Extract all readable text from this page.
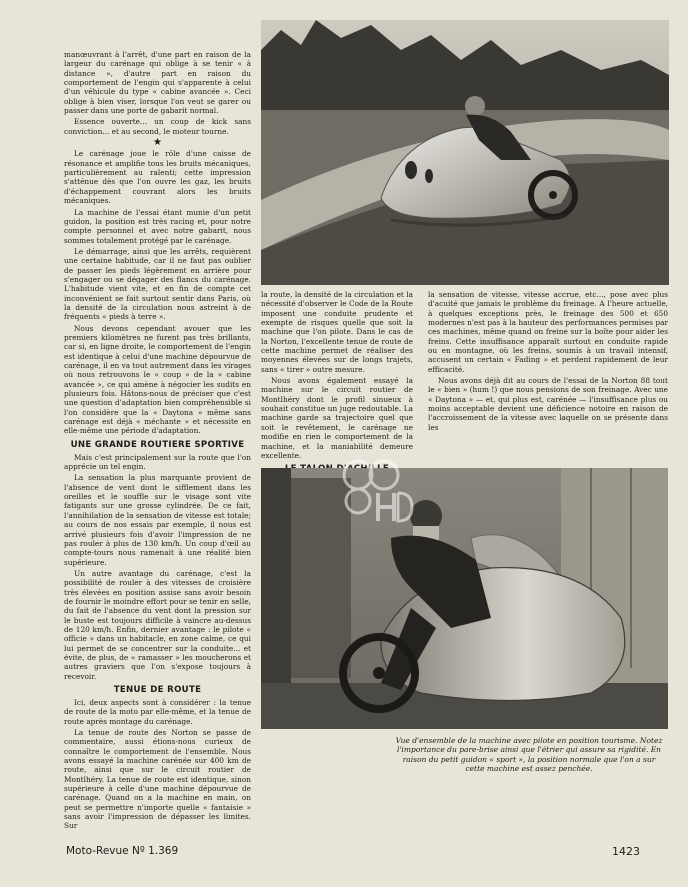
manœuvrant à l'arrêt, d'une part en raison de la largeur du carénage qui oblige à se tenir « à distance », d'autre part en raison du comportement de l'engin qui s'apparente à celui d'un véhicule du type « cabine avancée ». Ceci oblige à bien viser, lorsque l'on veut se garer ou passer dans une porte de gabarit normal.

Essence ouverte... un coup de kick sans conviction... et au second, le moteur tourne.

★

Le carénage joue le rôle d'une caisse de résonance et amplifie tous les bruits mécaniques, particulièrement au ralenti; cette impression s'atténue dès que l'on ouvre les gaz, les bruits d'échappement couvrant alors les bruits mécaniques.

La machine de l'essai étant munie d'un petit guidon, la position est très racing et, pour notre compte personnel et avec notre gabarit, nous sommes totalement protégé par le carénage.

Le démarrage, ainsi que les arrêts, requièrent une certaine habitude, car il ne faut pas oublier de passer les pieds légèrement en arrière pour s'engager ou se dégager des flancs du carénage. L'habitude vient vite, et en fin de compte cet inconvénient se fait surtout sentir dans Paris, où la densité de la circulation nous astreint à de fréquents « pieds à terre ».

Nous devons cependant avouer que les premiers kilomètres ne furent pas très brillants, car si, en ligne droite, le comportement de l'engin est identique à celui d'une machine dépourvue de carénage, il en va tout autrement dans les virages où nous retrouvons le « coup » de la « cabine avancée », ce qui amène à négocier les sudits en plusieurs fois. Hâtons-nous de préciser que c'est une question d'adaptation bien compréhensible si l'on considère que la « Daytona » même sans carénage est déjà « méchante » et nécessite en elle-même une période d'adaptation.

UNE GRANDE ROUTIERE SPORTIVE

Mais c'est principalement sur la route que l'on apprécie un tel engin.

La sensation la plus marquante provient de l'absence de vent dont le sifflement dans les oreilles et le souffle sur le visage sont vite fatigants sur une grosse cylindrée. De ce fait, l'annihilation de la sensation de vitesse est totale; au cours de nos essais par exemple, il nous est arrivé plusieurs fois d'avoir l'impression de ne pas rouler à plus de 130 km/h. Un coup d'œil au compte-tours nous ramenait à une réalité bien supérieure.

Un autre avantage du carénage, c'est la possibilité de rouler à des vitesses de croisière très élevées en position assise sans avoir besoin de fournir le moindre effort pour se tenir en selle, du fait de l'absence du vent dont la pression sur le buste est toujours difficile à vaincre au-dessus de 120 km/h. Enfin, dernier avantage : le pilote « officie » dans un habitacle, en zone calme, ce qui lui permet de se concentrer sur la conduite... et évite, de plus, de « ramasser » les moucherons et autres graviers que l'on s'expose toujours à recevoir.

TENUE DE ROUTE

Ici, deux aspects sont à considérer : la tenue de route de la moto par elle-même, et la tenue de route après montage du carénage.

La tenue de route des Norton se passe de commentaire, aussi étions-nous curieux de connaître le comportement de l'ensemble. Nous avons essayé la machine carénée sur 400 km de route, ainsi que sur le circuit routier de Montlhéry. La tenue de route est identique, sinon supérieure à celle d'une machine dépourvue de carénage. Quand on a la machine en main, on peut se permettre n'importe quelle « fantaisie » sans avoir l'impression de dépasser les limites. Sur

la route, la densité de la circulation et la nécessité d'observer le Code de la Route imposent une conduite prudente et exempte de risques quelle que soit la machine que l'on pilote. Dans le cas de la Norton, l'excellente tenue de route de cette machine permet de réaliser des moyennes élevées sur de longs trajets, sans « tirer » outre mesure.

Nous avons également essayé la machine sur le circuit routier de Montlhéry dont le profil sinueux à souhait constitue un juge redoutable. La machine garde sa trajectoire quel que soit le revêtement, le carénage ne modifie en rien le comportement de la machine, et la maniabilité demeure excellente.

la sensation de vitesse, vitesse accrue, etc..., pose avec plus d'acuité que jamais le problème du freinage. A l'heure actuelle, à quelques exceptions près, le freinage des 500 et 650 modernes n'est pas à la hauteur des performances permises par ces machines, même quand on freine sur la boîte pour aider les freins. Cette insuffisance apparaît surtout en conduite rapide ou en montagne, où les freins, soumis à un travail intensif, accusent un certain « Fading » et perdent rapidement de leur efficacité.

Nous avons déjà dit au cours de l'essai de la Norton 88 tout le « bien » (hum !) que nous pensions de son freinage. Avec une « Daytona » — et, qui plus est, carénée — l'insuffisance plus ou moins acceptable devient une déficience notoire en raison de l'accroissement de la vitesse avec laquelle on se présente dans les

Vue d'ensemble de la machine avec pilote en position tourisme. Notez l'importance du pare-brise ainsi que l'étrier qui assure sa rigidité. En raison du petit guidon « sport », la position normale que l'on a sur cette machine est assez penchée.
Moto-Revue Nº 1.369	1423
